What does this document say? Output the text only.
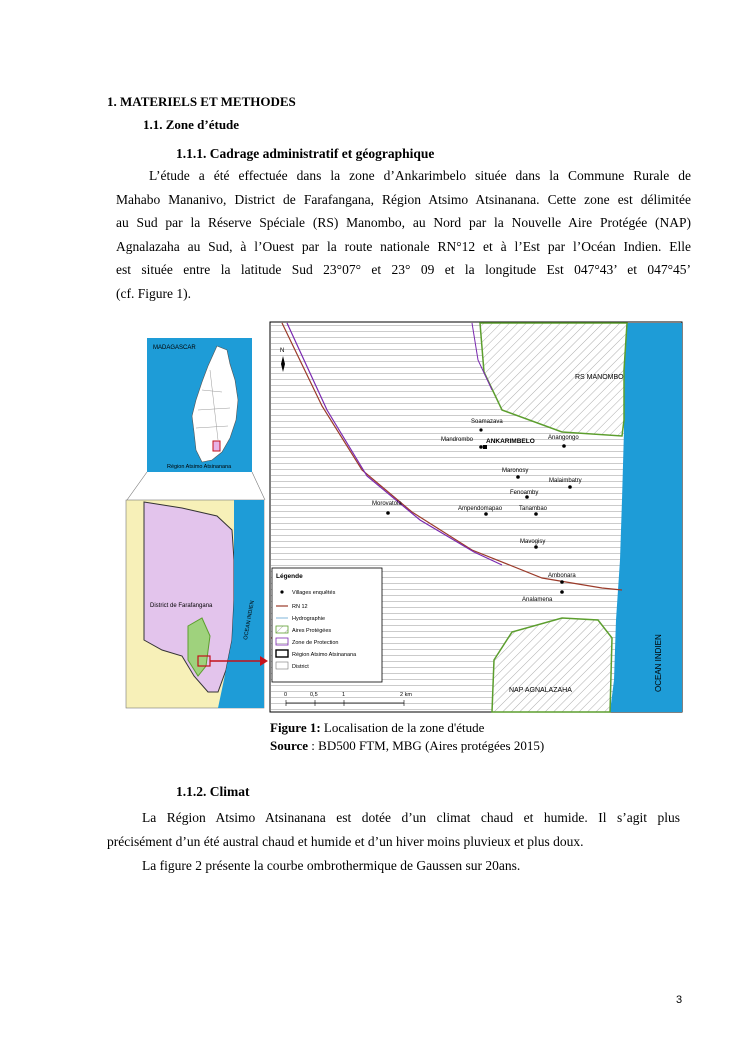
1. MATERIELS ET METHODES
1.1. Zone d’étude
1.1.1. Cadrage administratif et géographique
L’étude a été effectuée dans la zone d’Ankarimbelo située dans la Commune Rurale de
Mahabo Mananivo, District de Farafangana, Région Atsimo Atsinanana. Cette zone est délimitée
au Sud par la Réserve Spéciale (RS) Manombo, au Nord par la Nouvelle Aire Protégée (NAP)
Agnalazaha au Sud, à l’Ouest par la route nationale RN°12 et à l’Est par l’Océan Indien. Elle
est située entre la latitude Sud 23°07° et 23° 09 et la longitude Est 047°43’ et 047°45’
(cf. Figure 1).
MADAGASCAR
Région Atsimo Atsinanana
District de Farafangana	OCEAN INDIEN
RS MANOMBO
NAP AGNALAZAHA	OCEAN INDIEN
N
Soamazava
Mandrombo ANKARIMBELO Anangongo
Maronosy
Malaimbatry
Fenoamby
Morovatola
Ampendomapao	Tanambao
Mavogisy
Ambonara
Analamena
Légende
Villages enquêtés
RN 12
Hydrographie
Aires Protégées
Zone de Protection
Région Atsimo Atsinanana
District
0	0,5	1	2 km
Figure 1: Localisation de la zone d'étude
Source : BD500 FTM, MBG (Aires protégées 2015)
1.1.2. Climat
La Région Atsimo Atsinanana est dotée d’un climat chaud et humide. Il s’agit plus
précisément d’un été austral chaud et humide et d’un hiver moins pluvieux et plus doux.
La figure 2 présente la courbe ombrothermique de Gaussen sur 20ans.
3
